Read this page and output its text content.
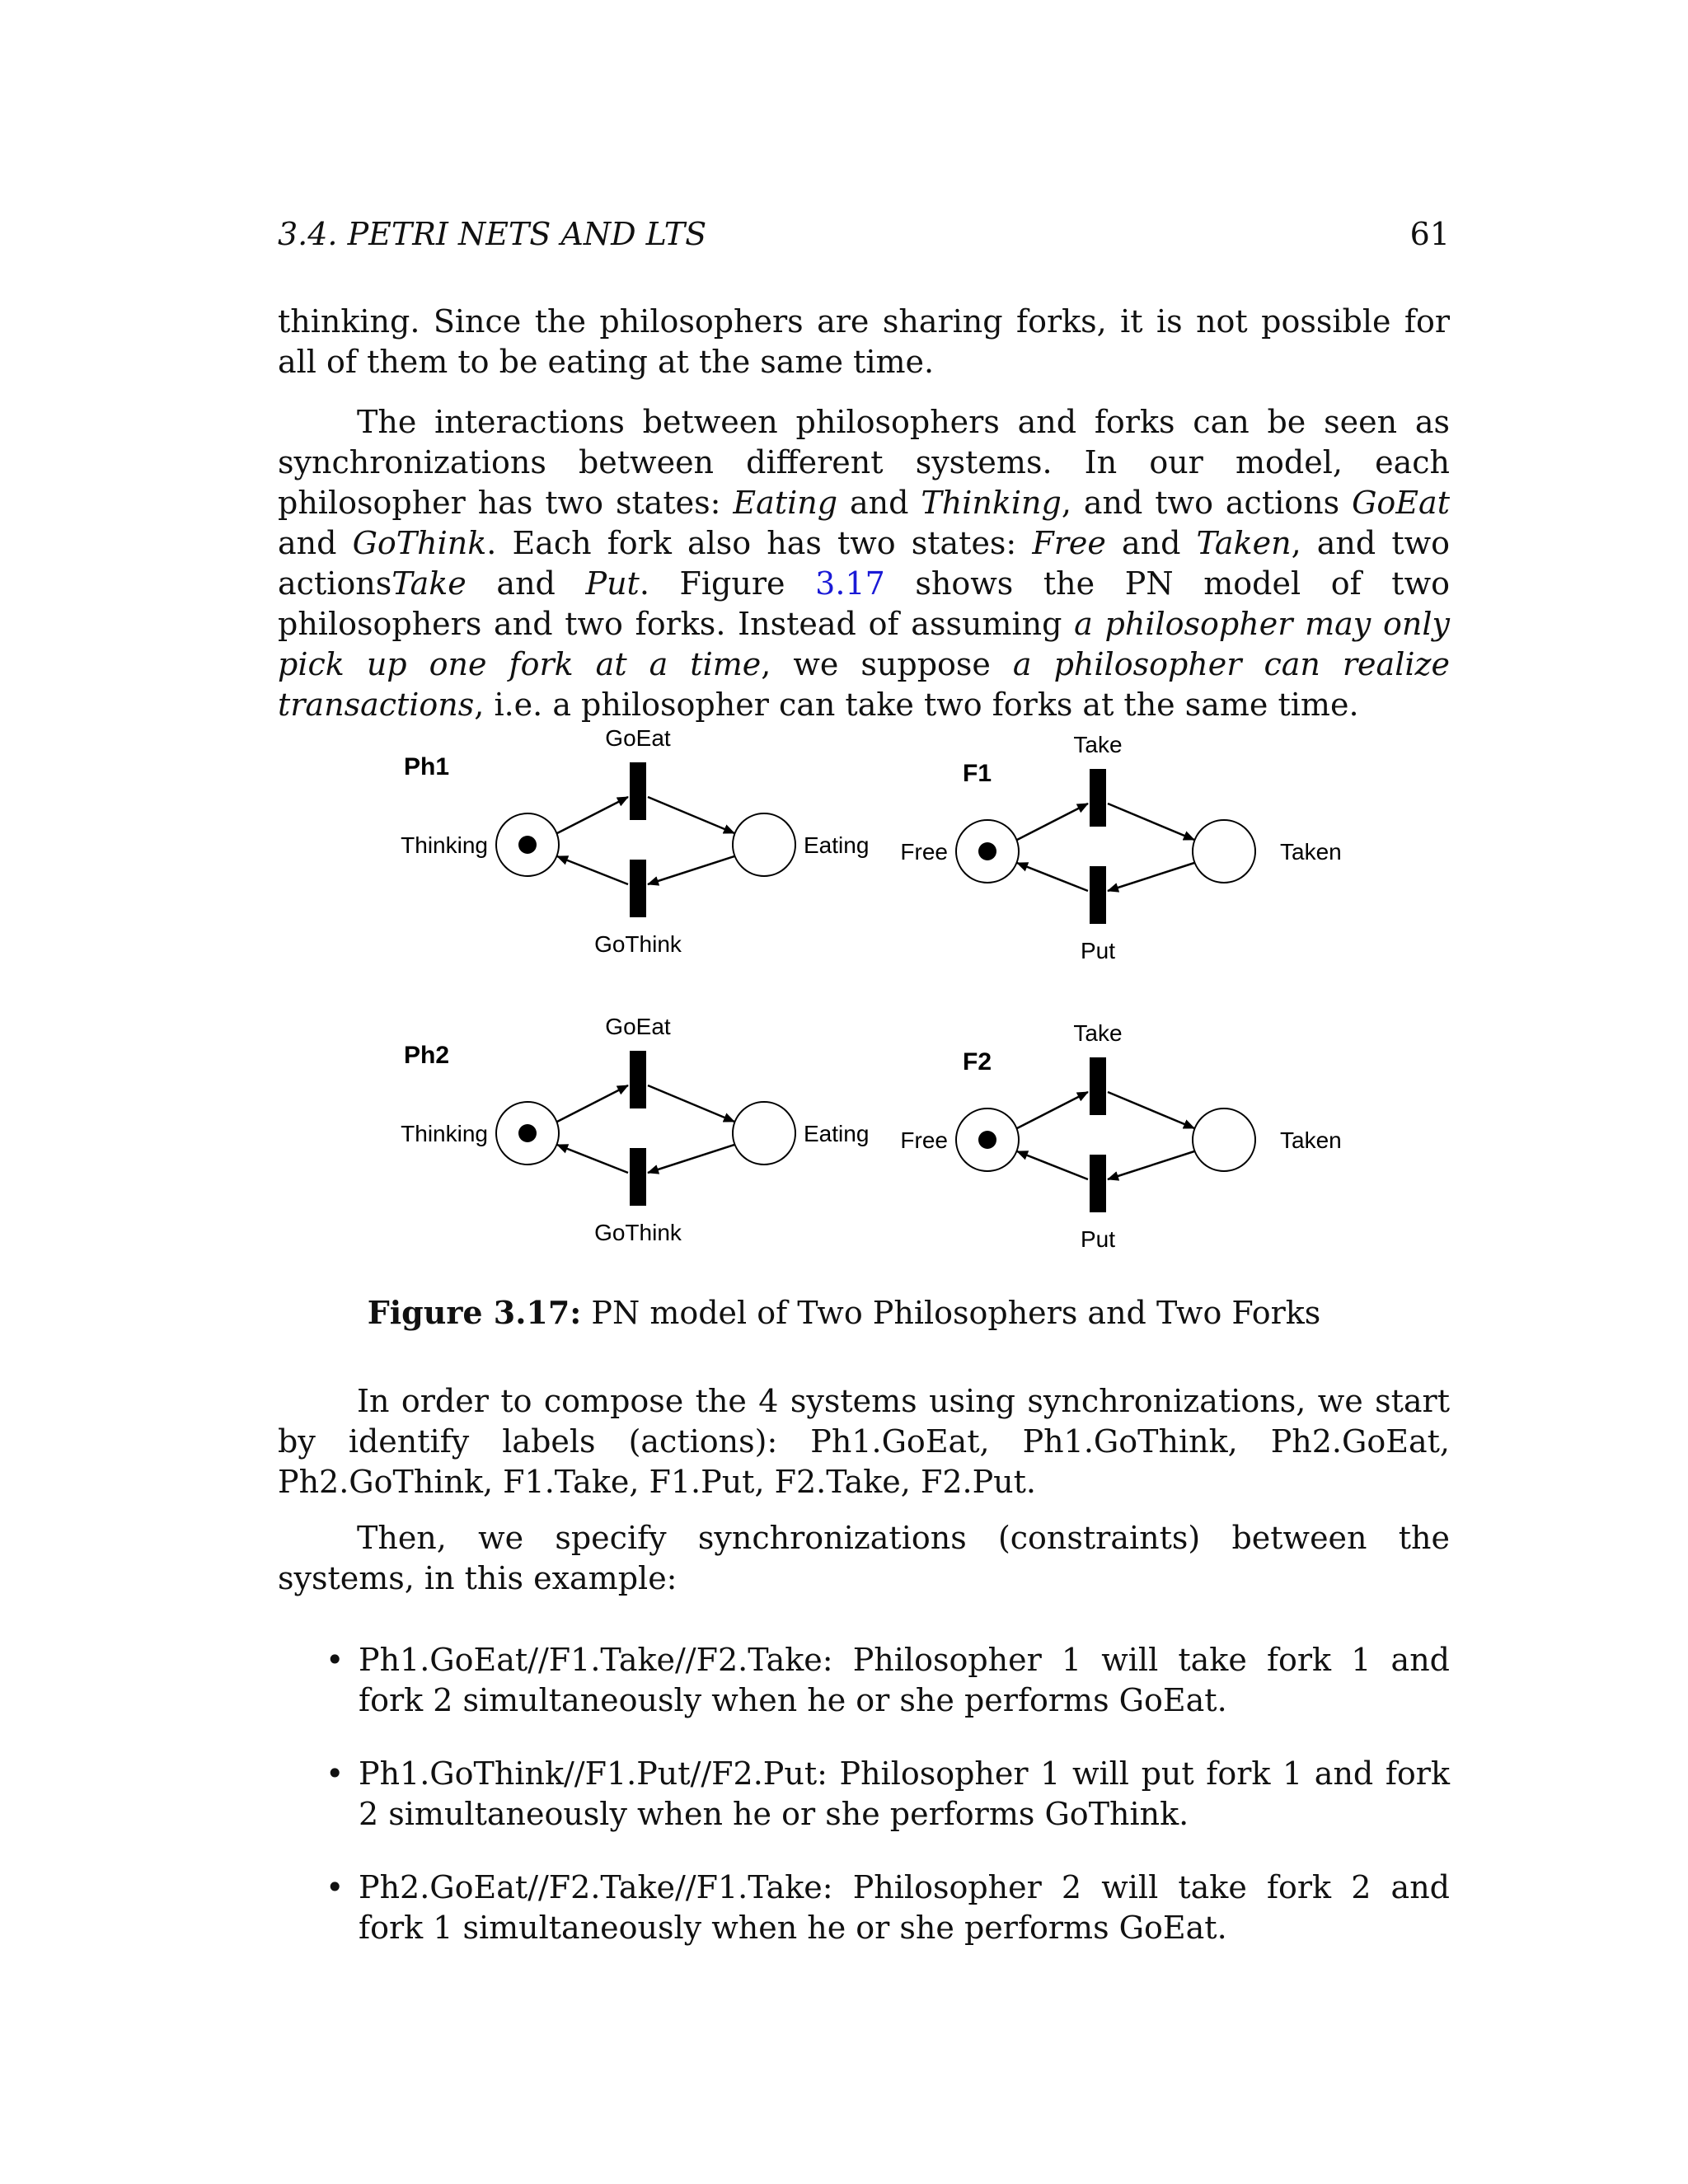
3.4. PETRI NETS AND LTS	61

thinking. Since the philosophers are sharing forks, it is not possible for all of them to be eating at the same time.

The interactions between philosophers and forks can be seen as synchronizations between different systems. In our model, each philosopher has two states: Eating and Thinking, and two actions GoEat and GoThink. Each fork also has two states: Free and Taken, and two actionsTake and Put. Figure 3.17 shows the PN model of two philosophers and two forks. Instead of assuming a philosopher may only pick up one fork at a time, we suppose a philosopher can realize transactions, i.e. a philosopher can take two forks at the same time.

Ph1
Thinking	Eating
GoEat
GoThink
F1
Free	Taken
Take
Put
Ph2
Thinking	Eating
GoEat
GoThink
F2
Free	Taken
Take
Put
Figure 3.17: PN model of Two Philosophers and Two Forks

In order to compose the 4 systems using synchronizations, we start by identify labels (actions): Ph1.GoEat, Ph1.GoThink, Ph2.GoEat, Ph2.GoThink, F1.Take, F1.Put, F2.Take, F2.Put.

Then, we specify synchronizations (constraints) between the systems, in this example:

• Ph1.GoEat//F1.Take//F2.Take: Philosopher 1 will take fork 1 and fork 2 simultaneously when he or she performs GoEat.
• Ph1.GoThink//F1.Put//F2.Put: Philosopher 1 will put fork 1 and fork 2 simultaneously when he or she performs GoThink.
• Ph2.GoEat//F2.Take//F1.Take: Philosopher 2 will take fork 2 and fork 1 simultaneously when he or she performs GoEat.
